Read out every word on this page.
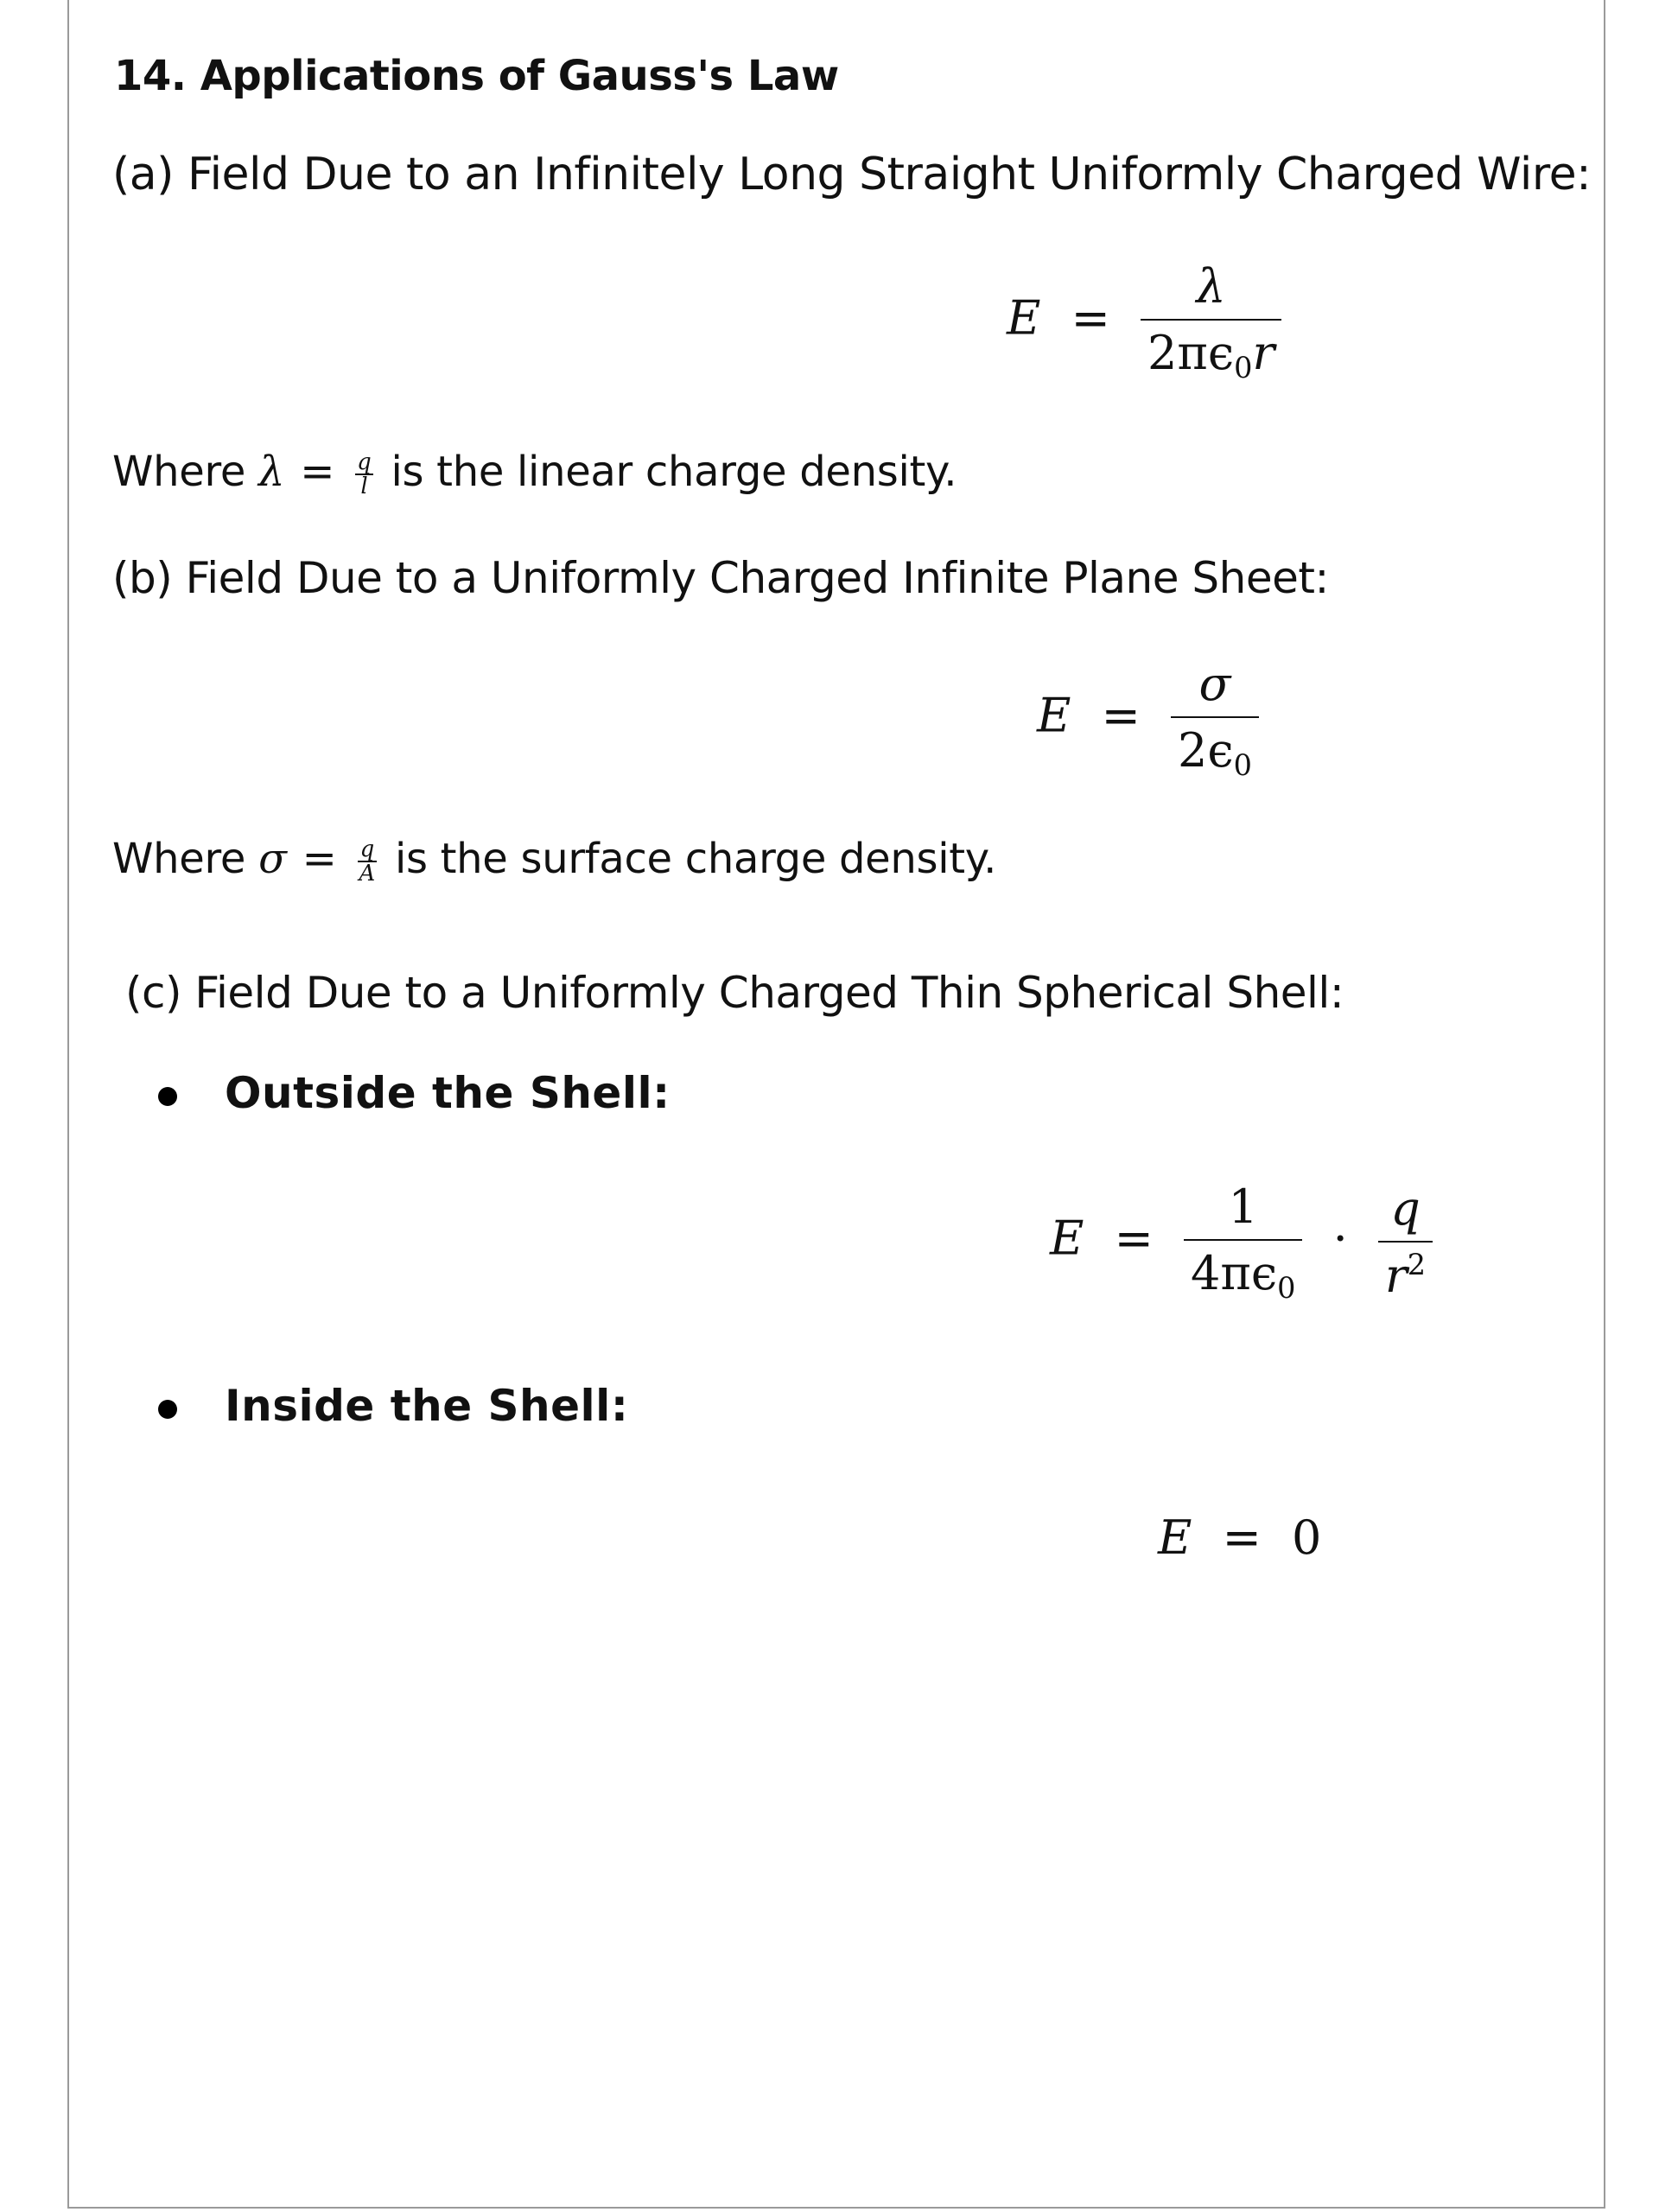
14. Applications of Gauss's Law
(a) Field Due to an Infinitely Long Straight Uniformly Charged Wire:
$E = \frac{\lambda}{2\pi\epsilon_0r}$
Where $\lambda = \frac{q}{l}$ is the linear charge density.
(b) Field Due to a Uniformly Charged Infinite Plane Sheet:
$E = \frac{\sigma}{2\epsilon_0}$
Where $\sigma = \frac{q}{A}$ is the surface charge density.
(c) Field Due to a Uniformly Charged Thin Spherical Shell:
Outside the Shell:
$E = \frac{1}{4\pi\epsilon_0} \cdot \frac{q}{r^2}$
Inside the Shell:
E = 0
